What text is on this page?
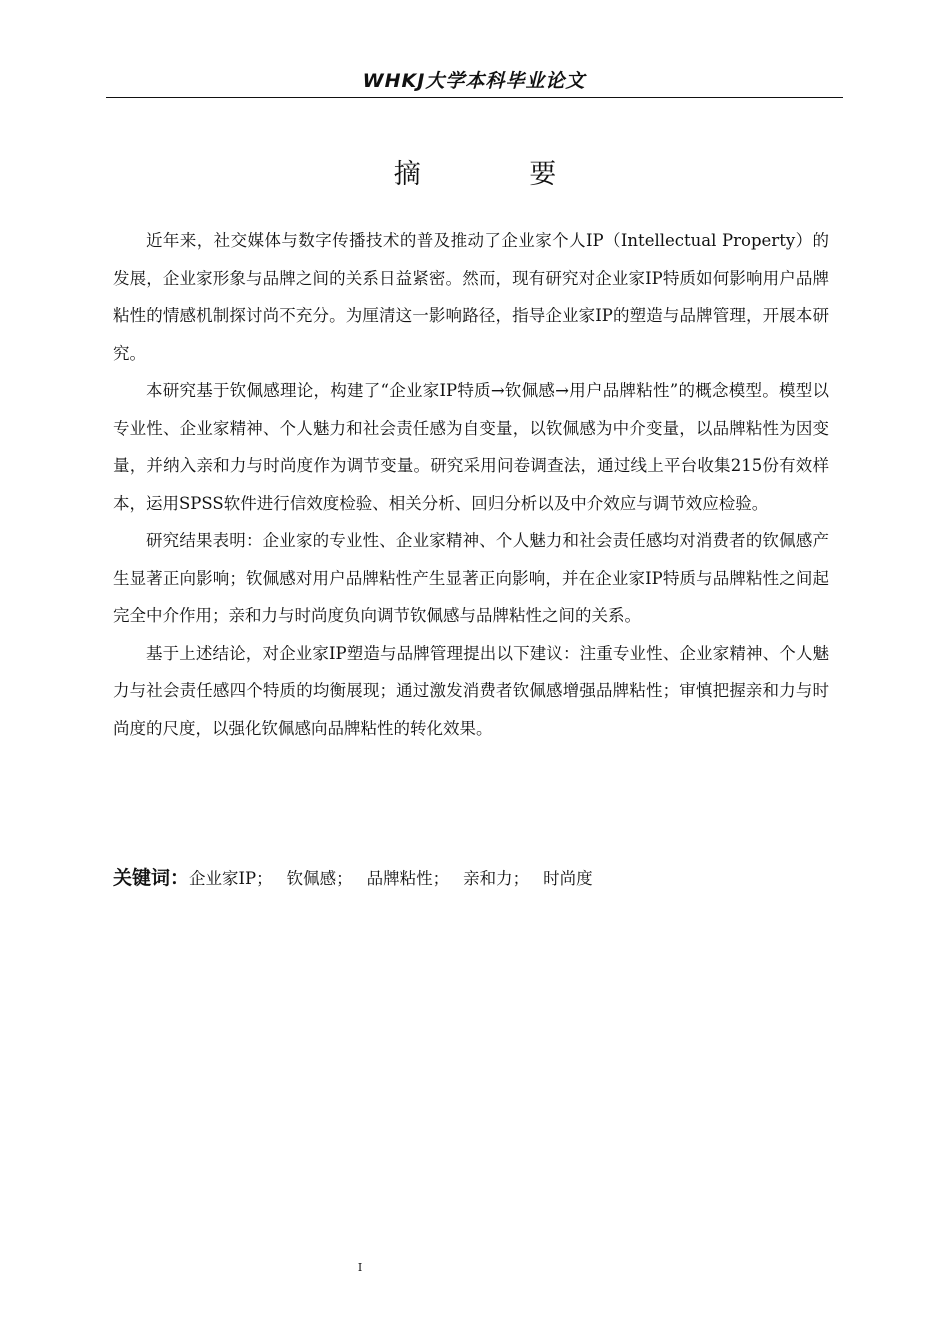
WHKJ大学本科毕业论文
摘 要

近年来，社交媒体与数字传播技术的普及推动了企业家个人IP（Intellectual Property）的发展，企业家形象与品牌之间的关系日益紧密。然而，现有研究对企业家IP特质如何影响用户品牌粘性的情感机制探讨尚不充分。为厘清这一影响路径，指导企业家IP的塑造与品牌管理，开展本研究。

本研究基于钦佩感理论，构建了“企业家IP特质→钦佩感→用户品牌粘性”的概念模型。模型以专业性、企业家精神、个人魅力和社会责任感为自变量，以钦佩感为中介变量，以品牌粘性为因变量，并纳入亲和力与时尚度作为调节变量。研究采用问卷调查法，通过线上平台收集215份有效样本，运用SPSS软件进行信效度检验、相关分析、回归分析以及中介效应与调节效应检验。

研究结果表明：企业家的专业性、企业家精神、个人魅力和社会责任感均对消费者的钦佩感产生显著正向影响；钦佩感对用户品牌粘性产生显著正向影响，并在企业家IP特质与品牌粘性之间起完全中介作用；亲和力与时尚度负向调节钦佩感与品牌粘性之间的关系。

基于上述结论，对企业家IP塑造与品牌管理提出以下建议：注重专业性、企业家精神、个人魅力与社会责任感四个特质的均衡展现；通过激发消费者钦佩感增强品牌粘性；审慎把握亲和力与时尚度的尺度，以强化钦佩感向品牌粘性的转化效果。

关键词：企业家IP； 钦佩感； 品牌粘性； 亲和力； 时尚度
I
